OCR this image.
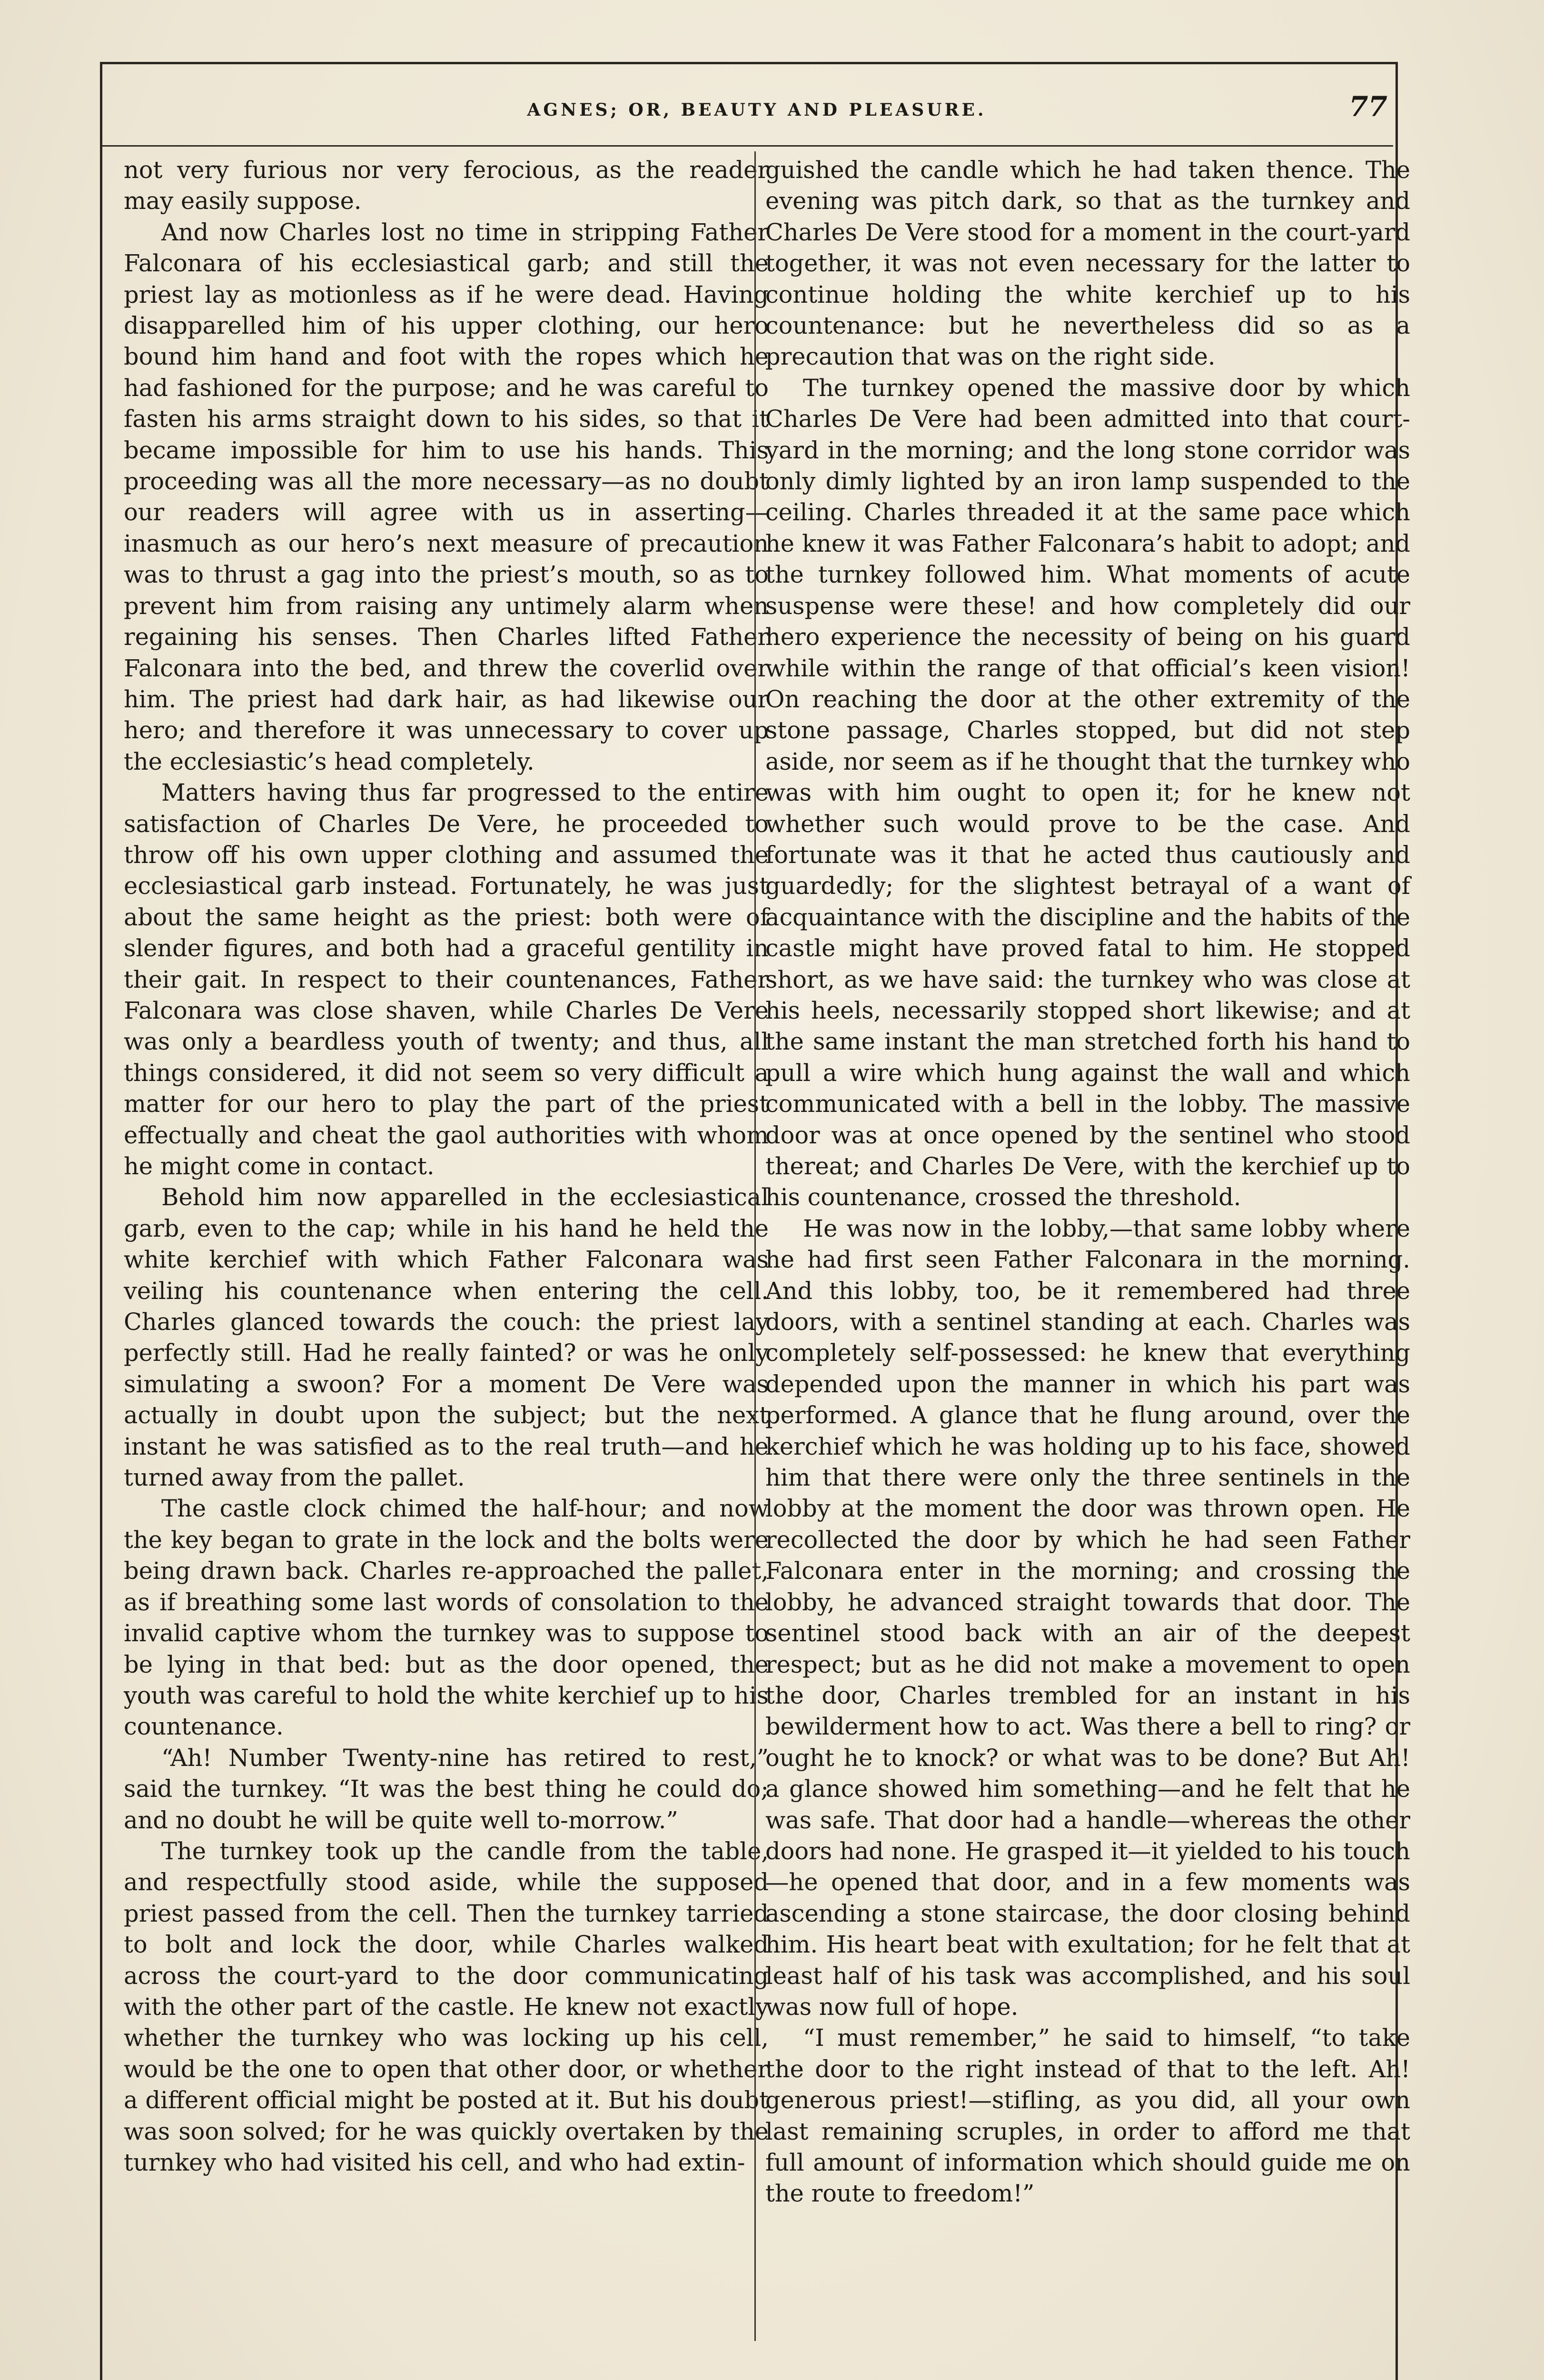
AGNES; OR, BEAUTY AND PLEASURE.	77

not very furious nor very ferocious, as the reader may easily suppose.

And now Charles lost no time in stripping Father Falconara of his ecclesiastical garb; and still the priest lay as motionless as if he were dead. Having disapparelled him of his upper clothing, our hero bound him hand and foot with the ropes which he had fashioned for the purpose; and he was careful to fasten his arms straight down to his sides, so that it became impossible for him to use his hands. This proceeding was all the more necessary—as no doubt our readers will agree with us in asserting—inasmuch as our hero’s next measure of precaution was to thrust a gag into the priest’s mouth, so as to prevent him from raising any untimely alarm when regaining his senses. Then Charles lifted Father Falconara into the bed, and threw the coverlid over him. The priest had dark hair, as had likewise our hero; and therefore it was unnecessary to cover up the ecclesiastic’s head completely.

Matters having thus far progressed to the entire satisfaction of Charles De Vere, he proceeded to throw off his own upper clothing and assumed the ecclesiastical garb instead. Fortunately, he was just about the same height as the priest: both were of slender figures, and both had a graceful gentility in their gait. In respect to their countenances, Father Falconara was close shaven, while Charles De Vere was only a beardless youth of twenty; and thus, all things considered, it did not seem so very difficult a matter for our hero to play the part of the priest effectually and cheat the gaol authorities with whom he might come in contact.

Behold him now apparelled in the ecclesiastical garb, even to the cap; while in his hand he held the white kerchief with which Father Falconara was veiling his countenance when entering the cell. Charles glanced towards the couch: the priest lay perfectly still. Had he really fainted? or was he only simulating a swoon? For a moment De Vere was actually in doubt upon the subject; but the next instant he was satisfied as to the real truth—and he turned away from the pallet.

The castle clock chimed the half-hour; and now the key began to grate in the lock and the bolts were being drawn back. Charles re-approached the pallet, as if breathing some last words of consolation to the invalid captive whom the turnkey was to suppose to be lying in that bed: but as the door opened, the youth was careful to hold the white kerchief up to his countenance.

“Ah! Number Twenty-nine has retired to rest,” said the turnkey. “It was the best thing he could do; and no doubt he will be quite well to-morrow.”

The turnkey took up the candle from the table, and respectfully stood aside, while the supposed priest passed from the cell. Then the turnkey tarried to bolt and lock the door, while Charles walked across the court-yard to the door communicating with the other part of the castle. He knew not exactly whether the turnkey who was locking up his cell, would be the one to open that other door, or whether a different official might be posted at it. But his doubt was soon solved; for he was quickly overtaken by the turnkey who had visited his cell, and who had extin-

guished the candle which he had taken thence. The evening was pitch dark, so that as the turnkey and Charles De Vere stood for a moment in the court-yard together, it was not even necessary for the latter to continue holding the white kerchief up to his countenance: but he nevertheless did so as a precaution that was on the right side.

The turnkey opened the massive door by which Charles De Vere had been admitted into that court-yard in the morning; and the long stone corridor was only dimly lighted by an iron lamp suspended to the ceiling. Charles threaded it at the same pace which he knew it was Father Falconara’s habit to adopt; and the turnkey followed him. What moments of acute suspense were these! and how completely did our hero experience the necessity of being on his guard while within the range of that official’s keen vision! On reaching the door at the other extremity of the stone passage, Charles stopped, but did not step aside, nor seem as if he thought that the turnkey who was with him ought to open it; for he knew not whether such would prove to be the case. And fortunate was it that he acted thus cautiously and guardedly; for the slightest betrayal of a want of acquaintance with the discipline and the habits of the castle might have proved fatal to him. He stopped short, as we have said: the turnkey who was close at his heels, necessarily stopped short likewise; and at the same instant the man stretched forth his hand to pull a wire which hung against the wall and which communicated with a bell in the lobby. The massive door was at once opened by the sentinel who stood thereat; and Charles De Vere, with the kerchief up to his countenance, crossed the threshold.

He was now in the lobby,—that same lobby where he had first seen Father Falconara in the morning. And this lobby, too, be it remembered had three doors, with a sentinel standing at each. Charles was completely self-possessed: he knew that everything depended upon the manner in which his part was performed. A glance that he flung around, over the kerchief which he was holding up to his face, showed him that there were only the three sentinels in the lobby at the moment the door was thrown open. He recollected the door by which he had seen Father Falconara enter in the morning; and crossing the lobby, he advanced straight towards that door. The sentinel stood back with an air of the deepest respect; but as he did not make a movement to open the door, Charles trembled for an instant in his bewilderment how to act. Was there a bell to ring? or ought he to knock? or what was to be done? But Ah! a glance showed him something—and he felt that he was safe. That door had a handle—whereas the other doors had none. He grasped it—it yielded to his touch—he opened that door, and in a few moments was ascending a stone staircase, the door closing behind him. His heart beat with exultation; for he felt that at least half of his task was accomplished, and his soul was now full of hope.

“I must remember,” he said to himself, “to take the door to the right instead of that to the left. Ah! generous priest!—stifling, as you did, all your own last remaining scruples, in order to afford me that full amount of information which should guide me on the route to freedom!”
